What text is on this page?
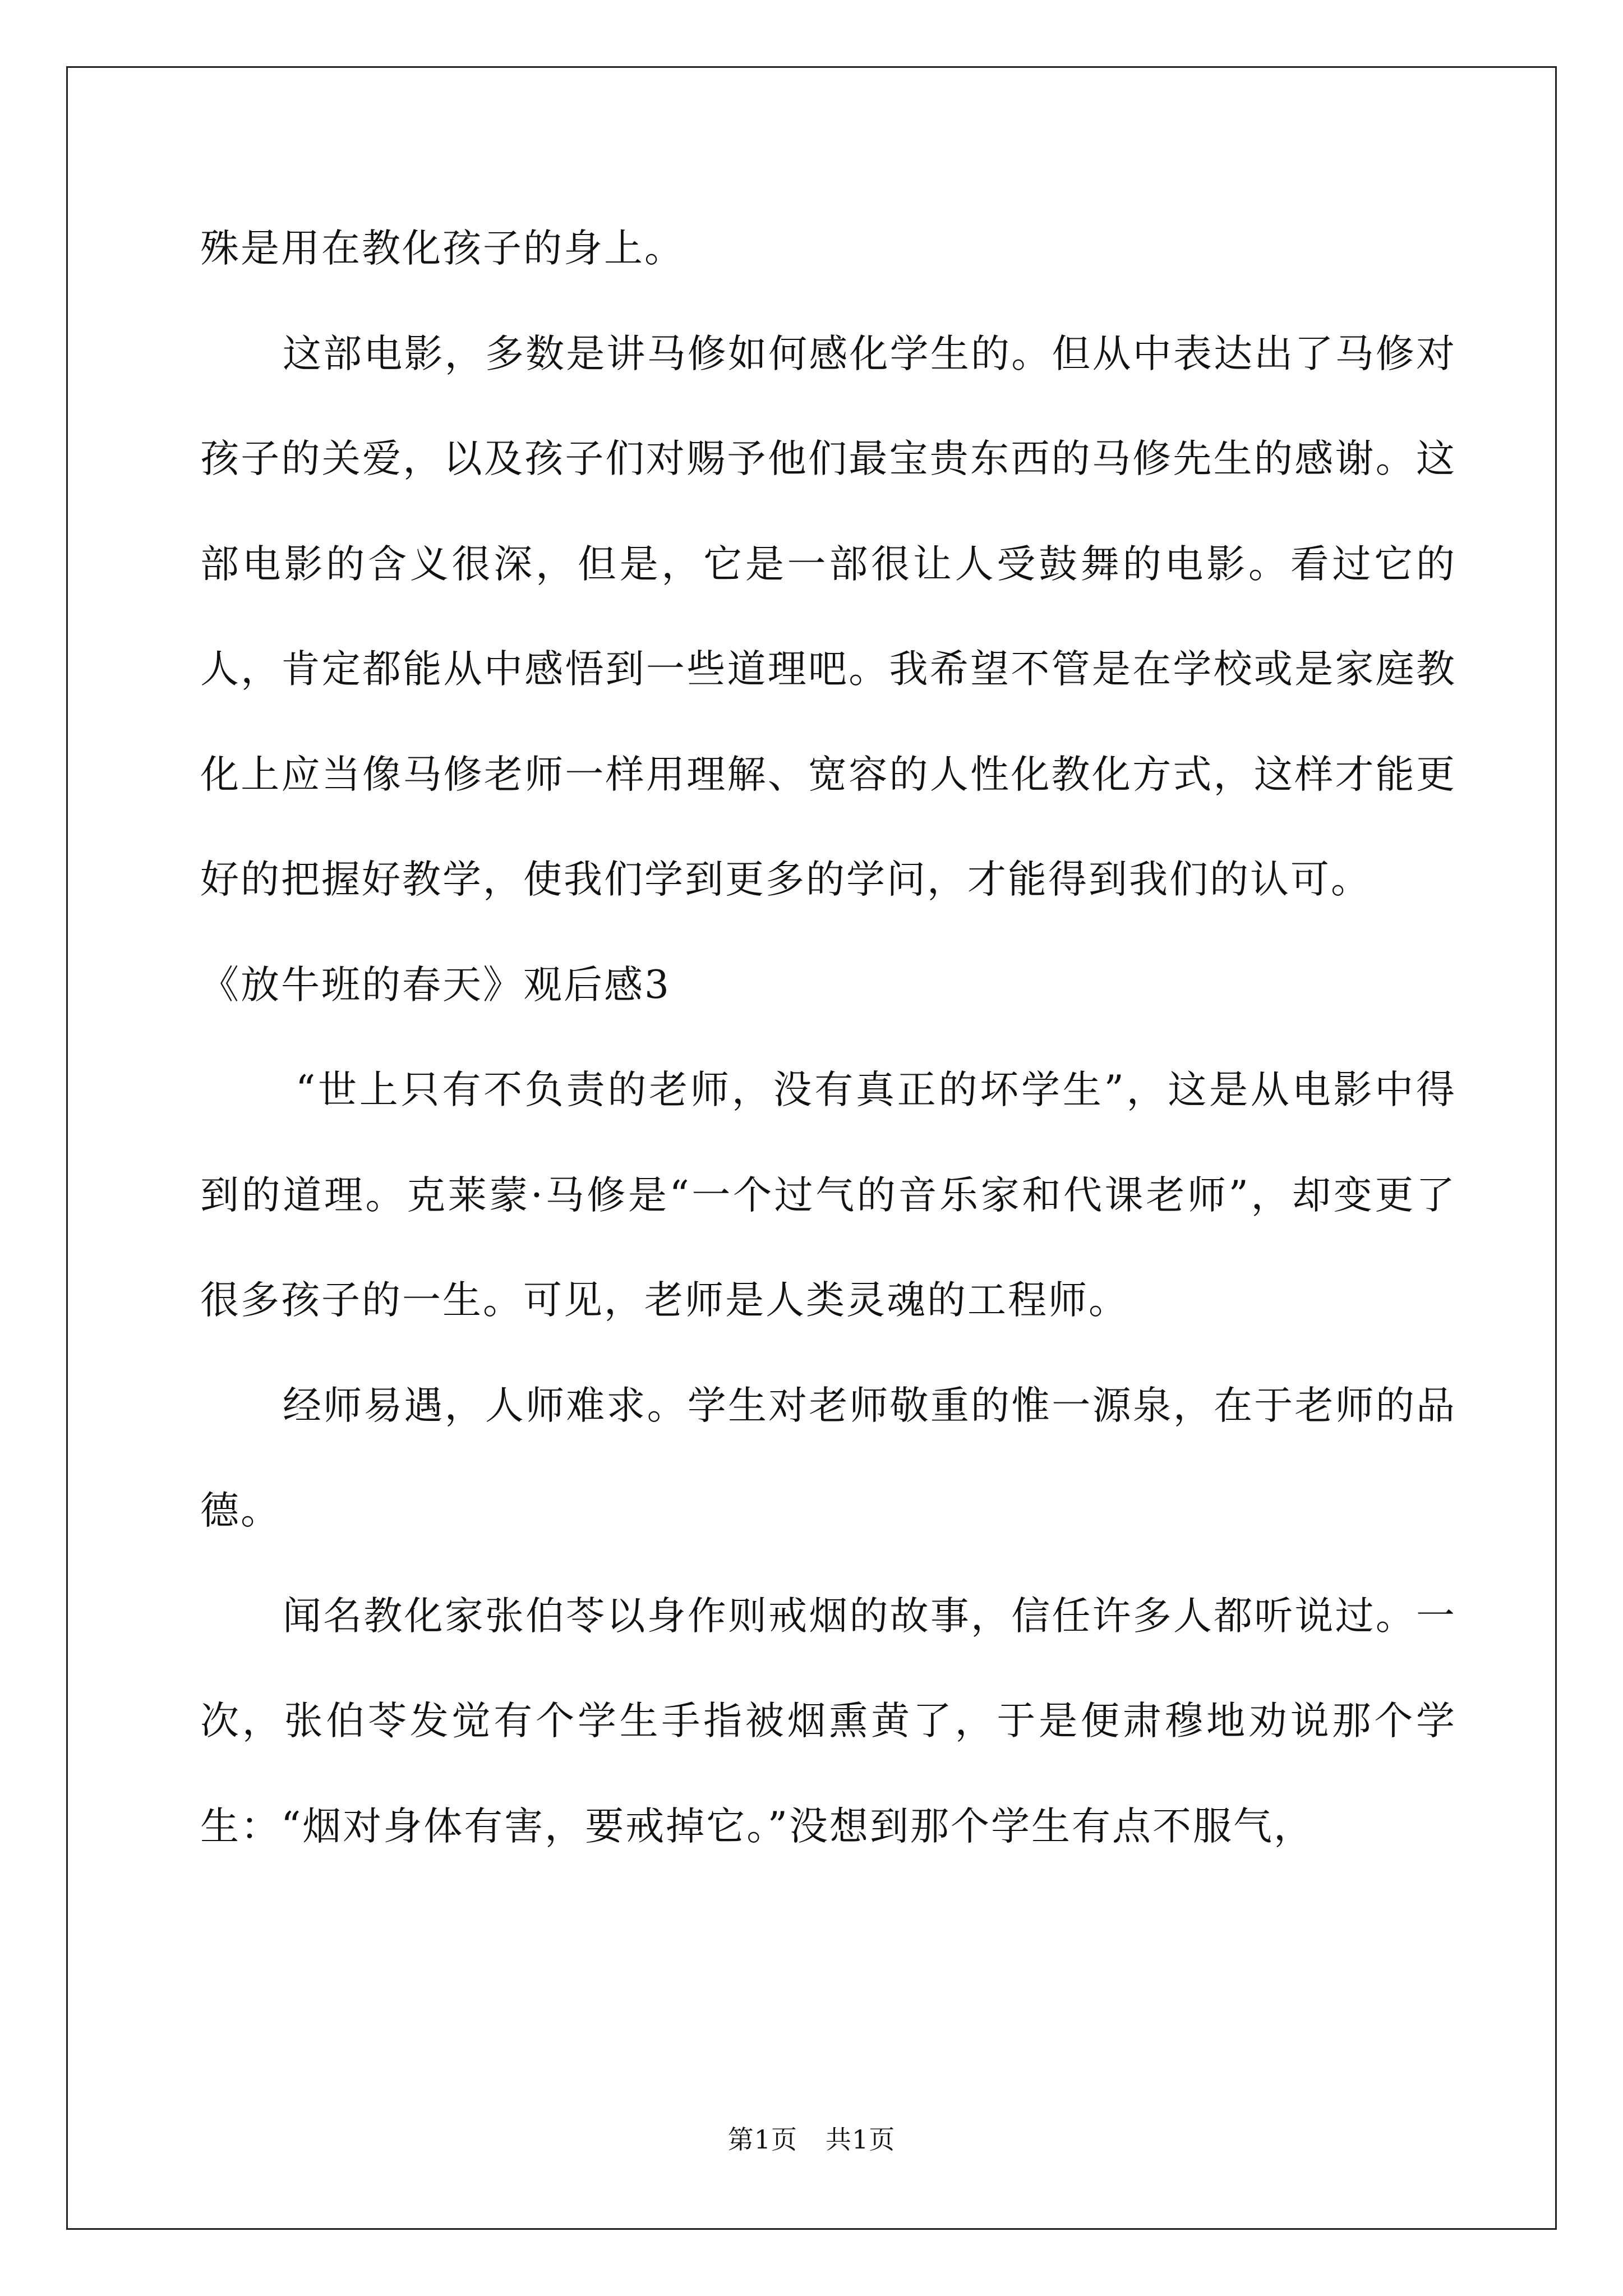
殊是用在教化孩子的身上。

这部电影，多数是讲马修如何感化学生的。但从中表达出了马修对孩子的关爱，以及孩子们对赐予他们最宝贵东西的马修先生的感谢。这部电影的含义很深，但是，它是一部很让人受鼓舞的电影。看过它的人，肯定都能从中感悟到一些道理吧。我希望不管是在学校或是家庭教化上应当像马修老师一样用理解、宽容的人性化教化方式，这样才能更好的把握好教学，使我们学到更多的学问，才能得到我们的认可。

《放牛班的春天》观后感3

“世上只有不负责的老师，没有真正的坏学生”，这是从电影中得到的道理。克莱蒙·马修是“一个过气的音乐家和代课老师”，却变更了很多孩子的一生。可见，老师是人类灵魂的工程师。

经师易遇，人师难求。学生对老师敬重的惟一源泉，在于老师的品德。

闻名教化家张伯苓以身作则戒烟的故事，信任许多人都听说过。一次，张伯苓发觉有个学生手指被烟熏黄了，于是便肃穆地劝说那个学生：“烟对身体有害，要戒掉它。”没想到那个学生有点不服气，

第1页 共1页
